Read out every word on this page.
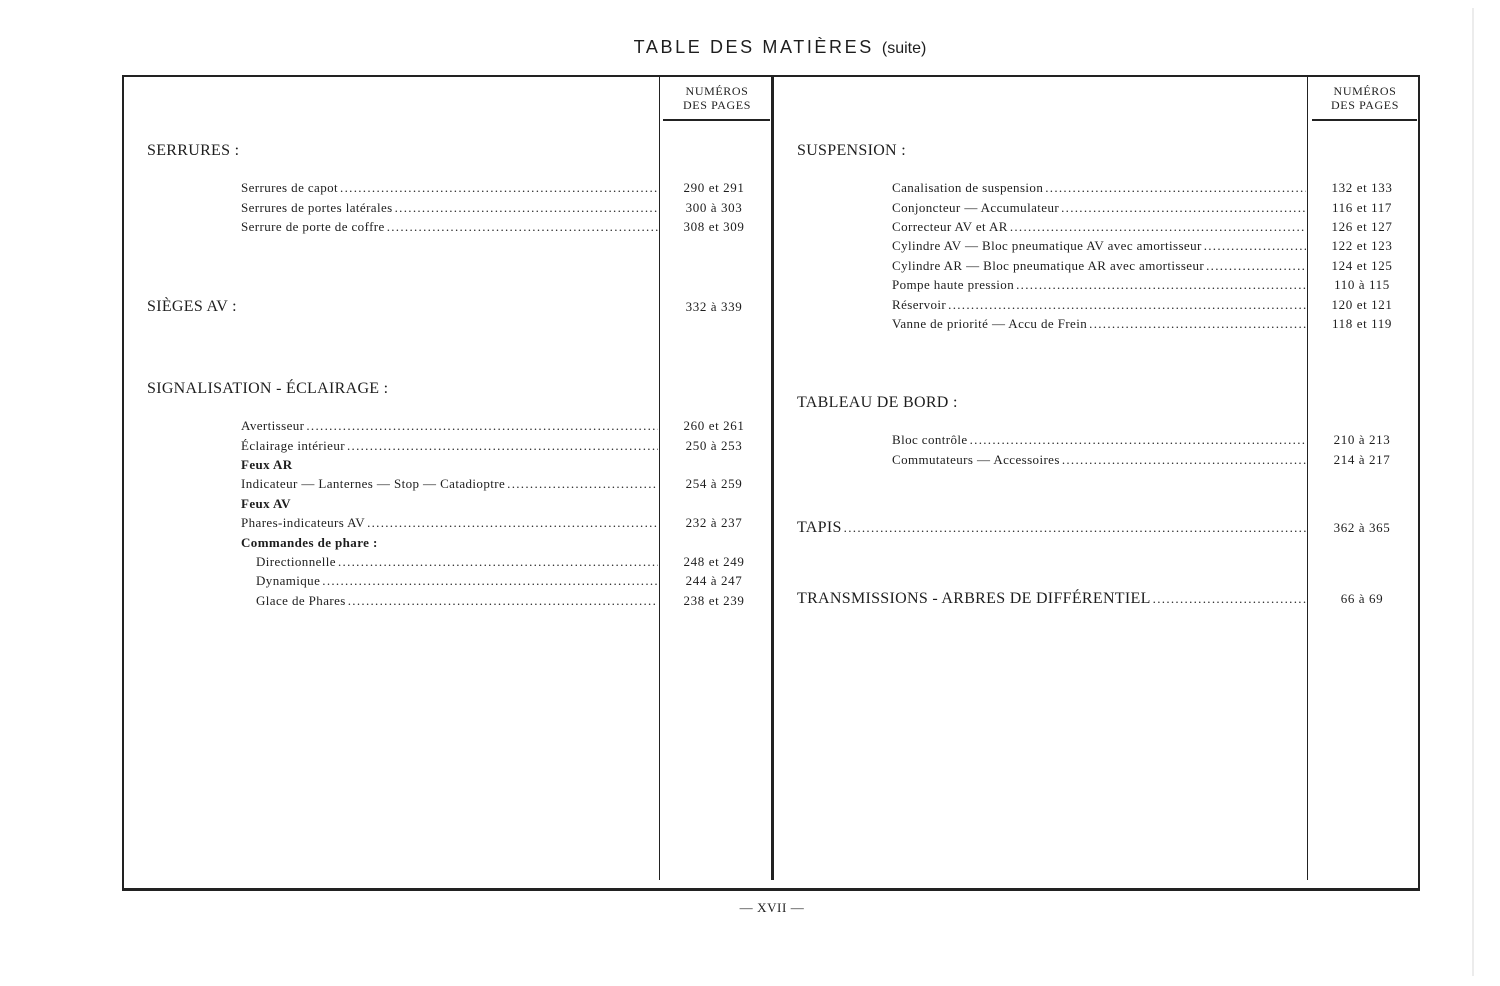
TABLE DES MATIÈRES (suite)
NUMÉROS
DES PAGES
NUMÉROS
DES PAGES
SERRURES :
Serrures de capot .....	290 et 291
Serrures de portes latérales .....	300 à 303
Serrure de porte de coffre .....	308 et 309
SIÈGES AV :	332 à 339
SIGNALISATION - ÉCLAIRAGE :
Avertisseur .....	260 et 261
Éclairage intérieur .....	250 à 253
Feux AR
Indicateur — Lanternes — Stop — Catadioptre .....	254 à 259
Feux AV
Phares-indicateurs AV .....	232 à 237
Commandes de phare :
Directionnelle .....	248 et 249
Dynamique .....	244 à 247
Glace de Phares .....	238 et 239
SUSPENSION :
Canalisation de suspension .....	132 et 133
Conjoncteur — Accumulateur .....	116 et 117
Correcteur AV et AR .....	126 et 127
Cylindre AV — Bloc pneumatique AV avec amortisseur .....	122 et 123
Cylindre AR — Bloc pneumatique AR avec amortisseur .....	124 et 125
Pompe haute pression .....	110 à 115
Réservoir .....	120 et 121
Vanne de priorité — Accu de Frein .....	118 et 119
TABLEAU DE BORD :
Bloc contrôle .....	210 à 213
Commutateurs — Accessoires .....	214 à 217
TAPIS .....	362 à 365
TRANSMISSIONS - ARBRES DE DIFFÉRENTIEL .....	66 à 69
— XVII —
